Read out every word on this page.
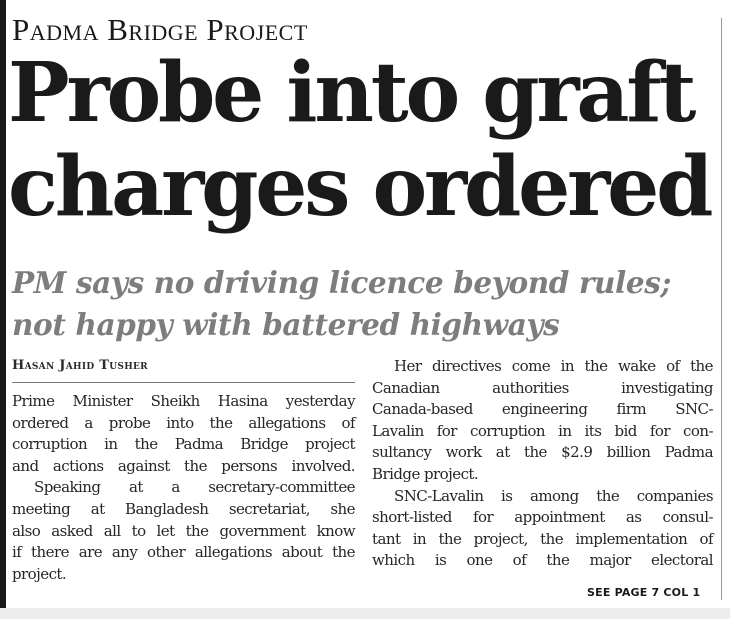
Padma Bridge Project
Probe into graft
charges ordered
PM says no driving licence beyond rules;
not happy with battered highways
Hasan Jahid Tusher
Prime Minister Sheikh Hasina yesterday
ordered a probe into the allegations of
corruption in the Padma Bridge project
and actions against the persons involved.
Speaking at a secretary-committee
meeting at Bangladesh secretariat, she
also asked all to let the government know
if there are any other allegations about the
project.
Her directives come in the wake of the
Canadian authorities investigating
Canada-based engineering firm SNC-
Lavalin for corruption in its bid for con-
sultancy work at the $2.9 billion Padma
Bridge project.
SNC-Lavalin is among the companies
short-listed for appointment as consul-
tant in the project, the implementation of
which is one of the major electoral
SEE PAGE 7 COL 1
